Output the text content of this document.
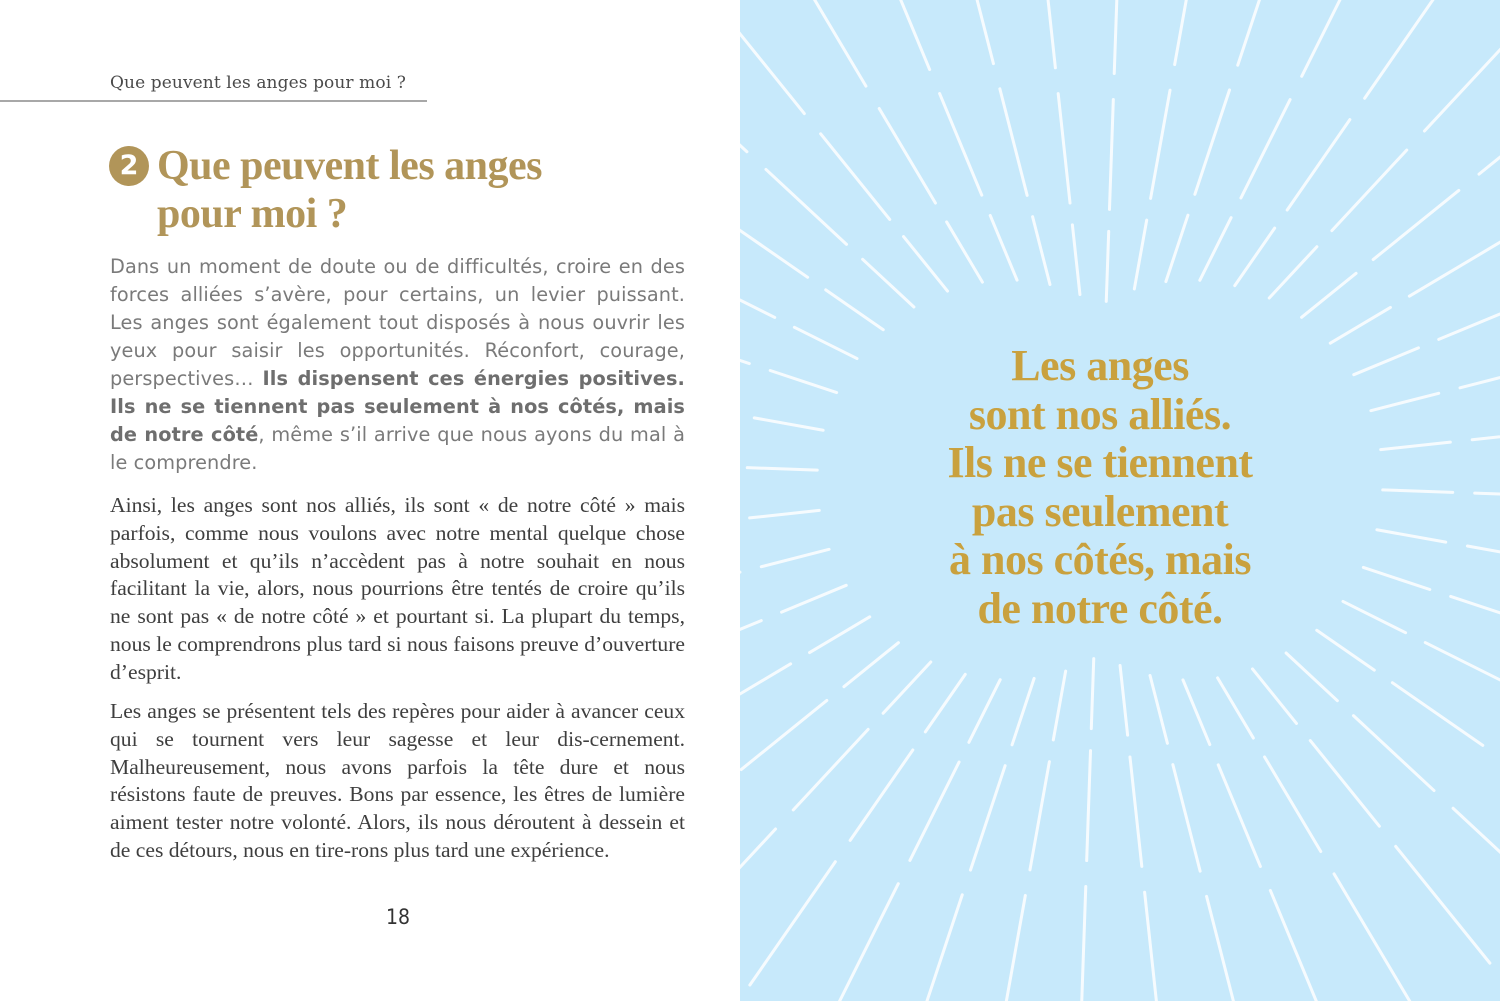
Que peuvent les anges pour moi ?
2 Que peuvent les anges
pour moi ?
Dans un moment de doute ou de difficultés, croire en des forces alliées s’avère, pour certains, un levier puissant. Les anges sont également tout disposés à nous ouvrir les yeux pour saisir les opportunités. Réconfort, courage, perspectives… Ils dispensent ces énergies positives. Ils ne se tiennent pas seulement à nos côtés, mais de notre côté, même s’il arrive que nous ayons du mal à le comprendre.
Ainsi, les anges sont nos alliés, ils sont « de notre côté » mais parfois, comme nous voulons avec notre mental quelque chose absolument et qu’ils n’accèdent pas à notre souhait en nous facilitant la vie, alors, nous pourrions être tentés de croire qu’ils ne sont pas « de notre côté » et pourtant si. La plupart du temps, nous le comprendrons plus tard si nous faisons preuve d’ouverture d’esprit.
Les anges se présentent tels des repères pour aider à avancer ceux qui se tournent vers leur sagesse et leur dis-cernement. Malheureusement, nous avons parfois la tête dure et nous résistons faute de preuves. Bons par essence, les êtres de lumière aiment tester notre volonté. Alors, ils nous déroutent à dessein et de ces détours, nous en tire-rons plus tard une expérience.
18
Les anges
sont nos alliés.
Ils ne se tiennent
pas seulement
à nos côtés, mais
de notre côté.
